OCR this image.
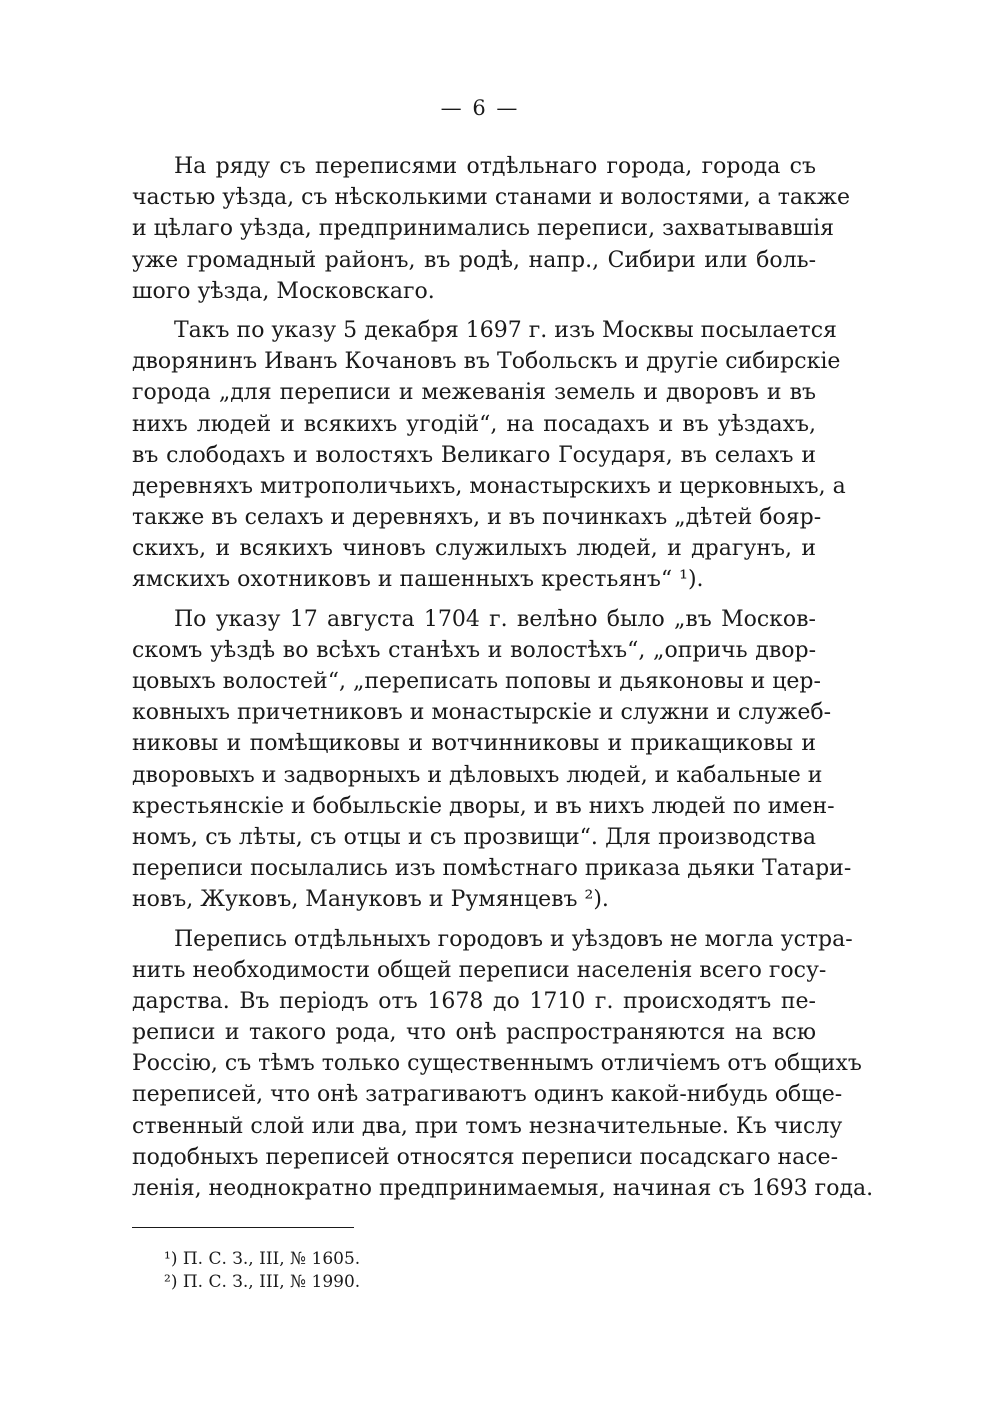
— 6 —

На ряду съ переписями отдѣльнаго города, города съ
частью уѣзда, съ нѣсколькими станами и волостями, а также
и цѣлаго уѣзда, предпринимались переписи, захватывавшія
уже громадный районъ, въ родѣ, напр., Сибири или боль-
шого уѣзда, Московскаго.

Такъ по указу 5 декабря 1697 г. изъ Москвы посылается
дворянинъ Иванъ Кочановъ въ Тобольскъ и другіе сибирскіе
города „для переписи и межеванія земель и дворовъ и въ
нихъ людей и всякихъ угодій“, на посадахъ и въ уѣздахъ,
въ слободахъ и волостяхъ Великаго Государя, въ селахъ и
деревняхъ митрополичьихъ, монастырскихъ и церковныхъ, а
также въ селахъ и деревняхъ, и въ починкахъ „дѣтей бояр-
скихъ, и всякихъ чиновъ служилыхъ людей, и драгунъ, и
ямскихъ охотниковъ и пашенныхъ крестьянъ“ ¹).

По указу 17 августа 1704 г. велѣно было „въ Москов-
скомъ уѣздѣ во всѣхъ станѣхъ и волостѣхъ“, „опричь двор-
цовыхъ волостей“, „переписать поповы и дьяконовы и цер-
ковныхъ причетниковъ и монастырскіе и служни и служеб-
никовы и помѣщиковы и вотчинниковы и прикащиковы и
дворовыхъ и задворныхъ и дѣловыхъ людей, и кабальные и
крестьянскіе и бобыльскіе дворы, и въ нихъ людей по имен-
номъ, съ лѣты, съ отцы и съ прозвищи“. Для производства
переписи посылались изъ помѣстнаго приказа дьяки Татари-
новъ, Жуковъ, Мануковъ и Румянцевъ ²).

Перепись отдѣльныхъ городовъ и уѣздовъ не могла устра-
нить необходимости общей переписи населенія всего госу-
дарства. Въ періодъ отъ 1678 до 1710 г. происходятъ пе-
реписи и такого рода, что онѣ распространяются на всю
Россію, съ тѣмъ только существеннымъ отличіемъ отъ общихъ
переписей, что онѣ затрагиваютъ одинъ какой-нибудь обще-
ственный слой или два, при томъ незначительные. Къ числу
подобныхъ переписей относятся переписи посадскаго насе-
ленія, неоднократно предпринимаемыя, начиная съ 1693 года.

¹) П. С. З., III, № 1605.
²) П. С. З., III, № 1990.
